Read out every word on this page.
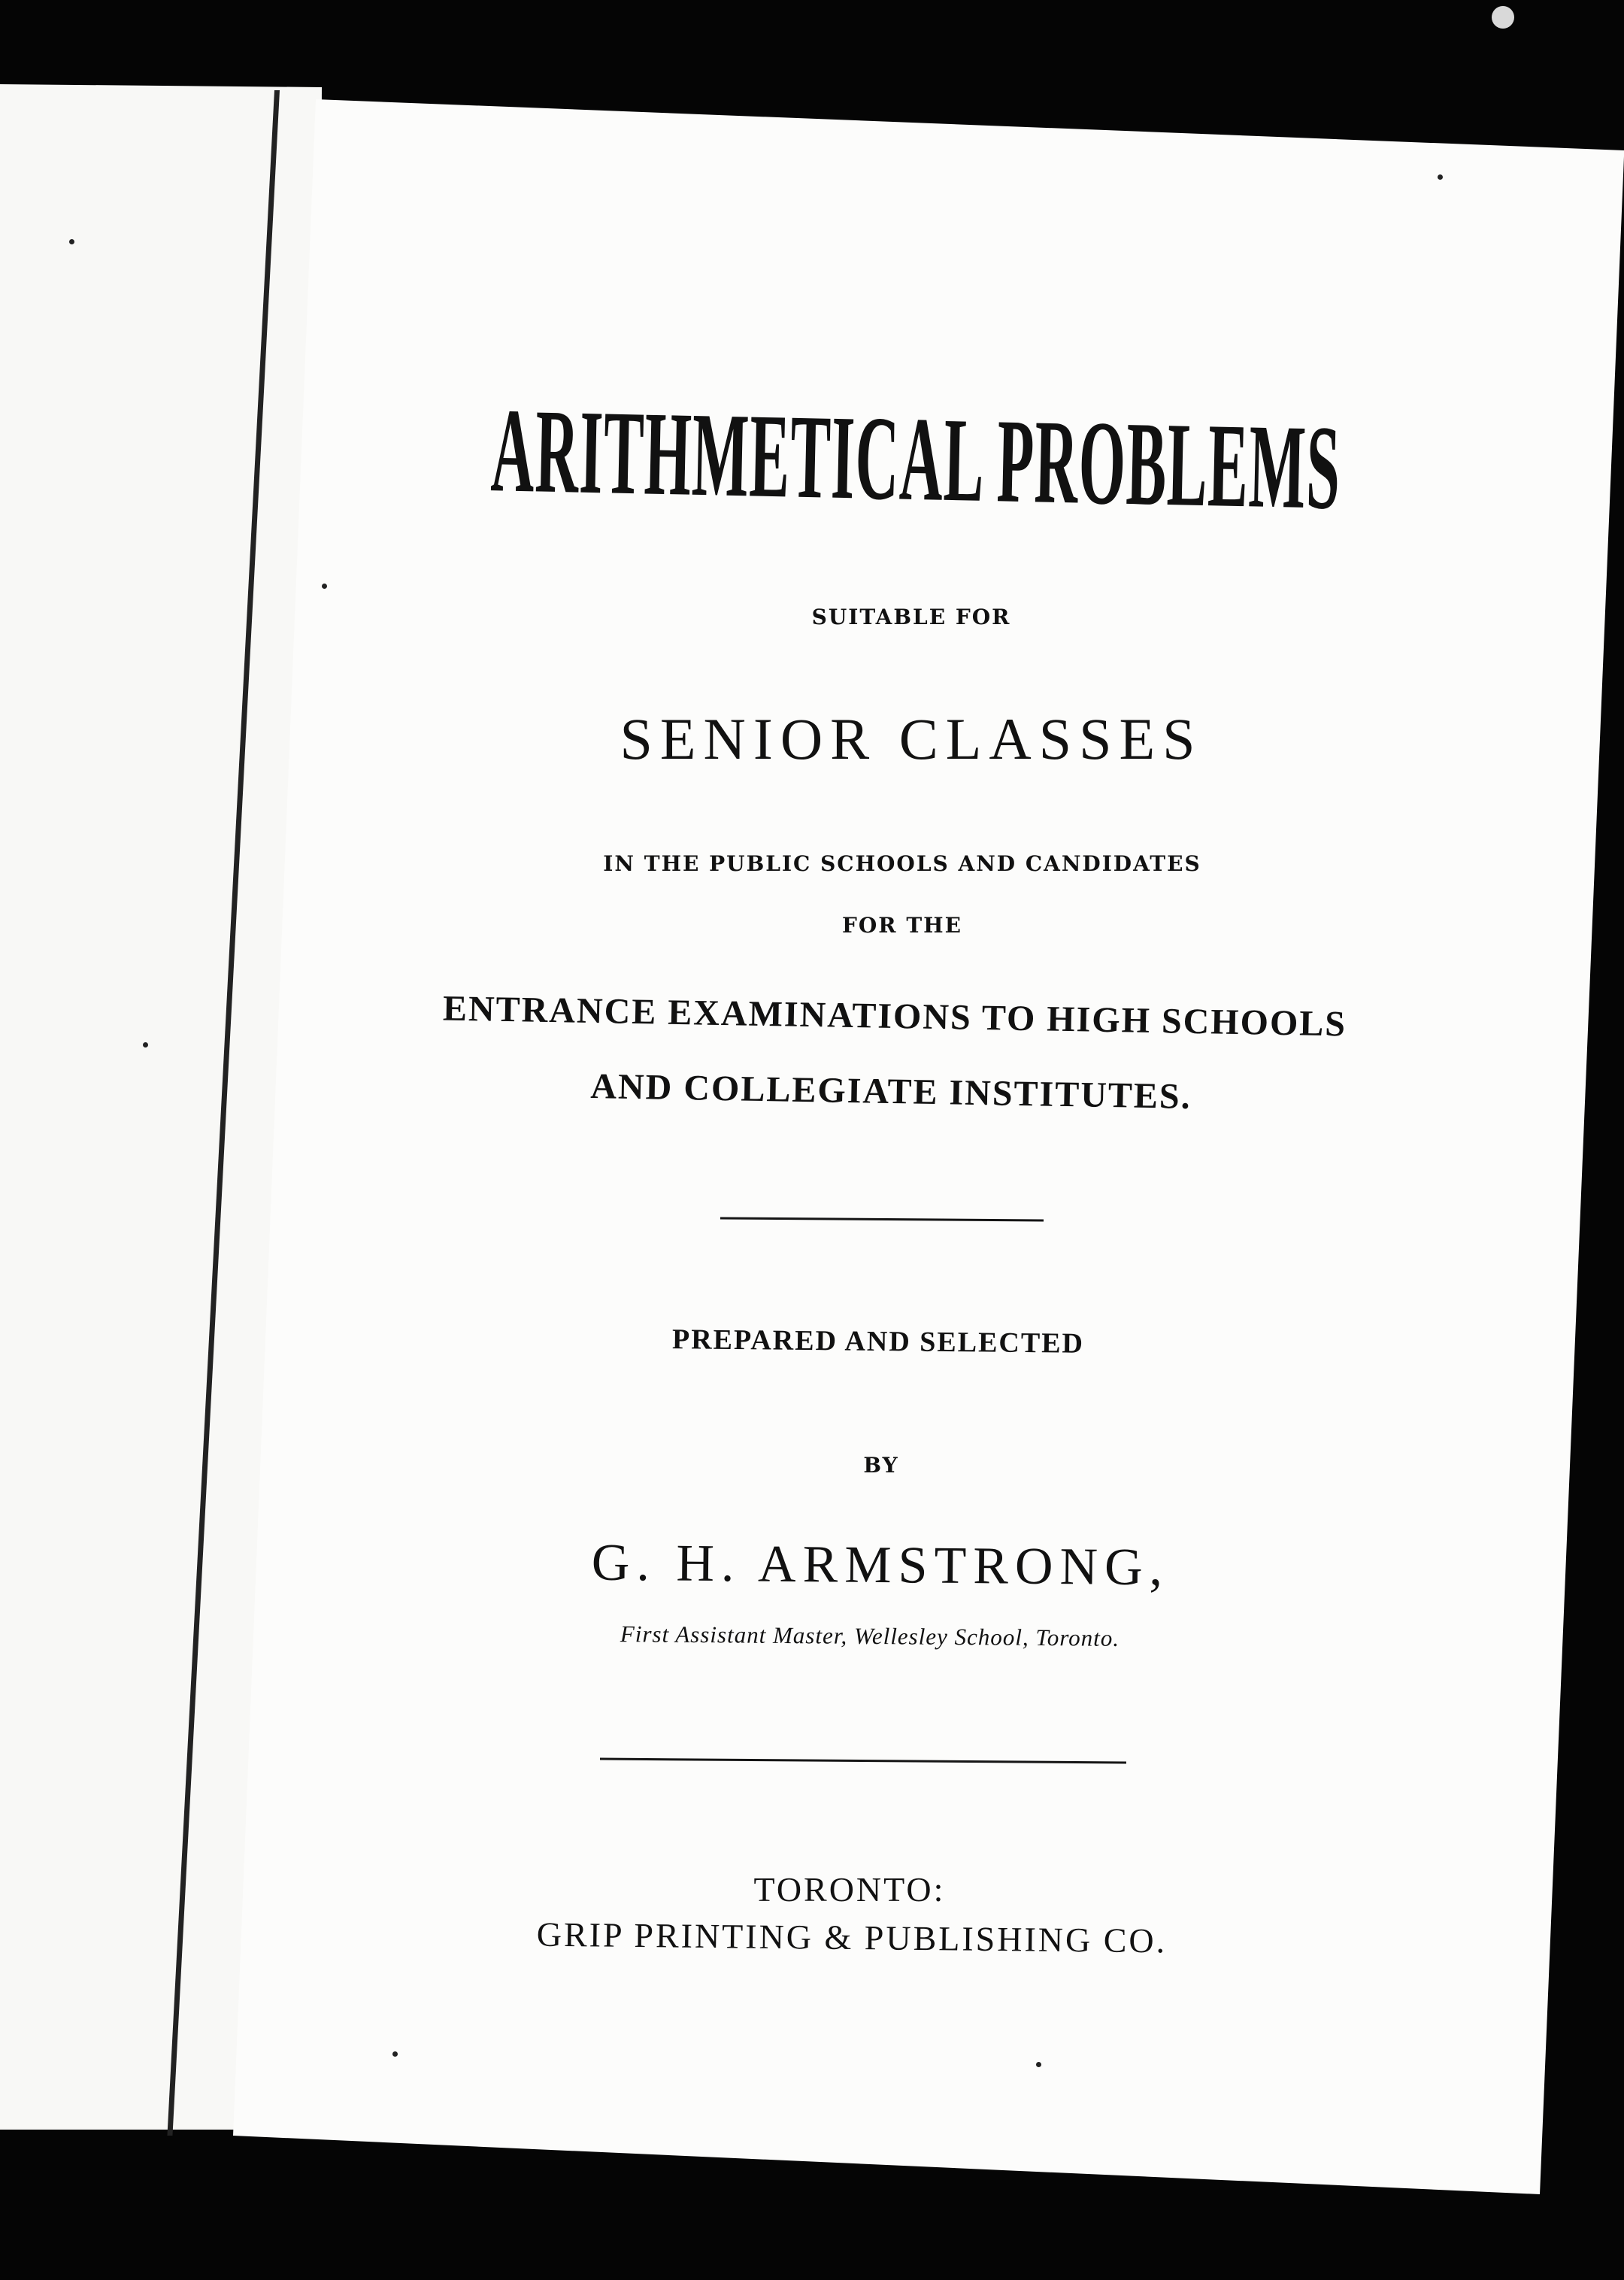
ARITHMETICAL PROBLEMS
SUITABLE FOR
SENIOR CLASSES
IN THE PUBLIC SCHOOLS AND CANDIDATES
FOR THE
ENTRANCE EXAMINATIONS TO HIGH SCHOOLS
AND COLLEGIATE INSTITUTES.
PREPARED AND SELECTED
BY
G. H. ARMSTRONG,
First Assistant Master, Wellesley School, Toronto.
TORONTO:
GRIP PRINTING & PUBLISHING CO.
